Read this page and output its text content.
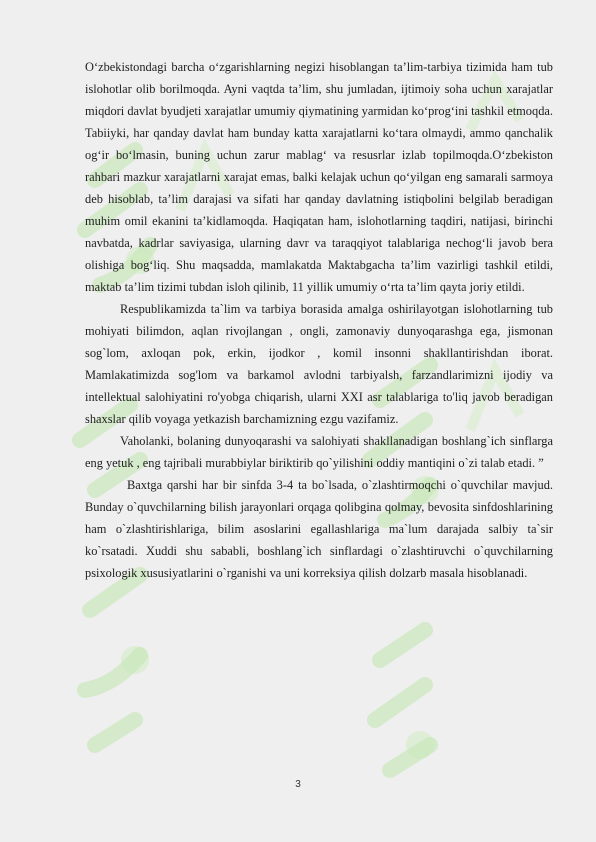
O‘zbekistondagi barcha o‘zgarishlarning negizi hisoblangan ta’lim-tarbiya tizimida ham tub islohotlar olib borilmoqda. Ayni vaqtda ta’lim, shu jumladan, ijtimoiy soha uchun xarajatlar miqdori davlat byudjeti xarajatlar umumiy qiymatining yarmidan ko‘prog‘ini tashkil etmoqda. Tabiiyki, har qanday davlat ham bunday katta xarajatlarni ko‘tara olmaydi, ammo qanchalik og‘ir bo‘lmasin, buning uchun zarur mablag‘ va resusrlar izlab topilmoqda.O‘zbekiston rahbari mazkur xarajatlarni xarajat emas, balki kelajak uchun qo‘yilgan eng samarali sarmoya deb hisoblab, ta’lim darajasi va sifati har qanday davlatning istiqbolini belgilab beradigan muhim omil ekanini ta’kidlamoqda. Haqiqatan ham, islohotlarning taqdiri, natijasi, birinchi navbatda, kadrlar saviyasiga, ularning davr va taraqqiyot talablariga nechog‘li javob bera olishiga bog‘liq. Shu maqsadda, mamlakatda Maktabgacha ta’lim vazirligi tashkil etildi, maktab ta’lim tizimi tubdan isloh qilinib, 11 yillik umumiy o‘rta ta’lim qayta joriy etildi.

Respublikamizda ta`lim va tarbiya borasida amalga oshirilayotgan islohotlarning tub mohiyati bilimdon, aqlan rivojlangan , ongli, zamonaviy dunyoqarashga ega, jismonan sog`lom, axloqan pok, erkin, ijodkor , komil insonni shakllantirishdan iborat. Mamlakatimizda sog'lom va barkamol avlodni tarbiyalsh, farzandlarimizni ijodiy va intellektual salohiyatini ro'yobga chiqarish, ularni XXI asr talablariga to'liq javob beradigan shaxslar qilib voyaga yetkazish barchamizning ezgu vazifamiz.

Vaholanki, bolaning dunyoqarashi va salohiyati shakllanadigan boshlang`ich sinflarga eng yetuk , eng tajribali murabbiylar biriktirib qo`yilishini oddiy mantiqini o`zi talab etadi. ”

Baxtga qarshi har bir sinfda 3-4 ta bo`lsada, o`zlashtirmoqchi o`quvchilar mavjud. Bunday o`quvchilarning bilish jarayonlari orqaga qolibgina qolmay, bevosita sinfdoshlarining ham o`zlashtirishlariga, bilim asoslarini egallashlariga ma`lum darajada salbiy ta`sir ko`rsatadi. Xuddi shu sababli, boshlang`ich sinflardagi o`zlashtiruvchi o`quvchilarning psixologik xususiyatlarini o`rganishi va uni korreksiya qilish dolzarb masala hisoblanadi.

3
